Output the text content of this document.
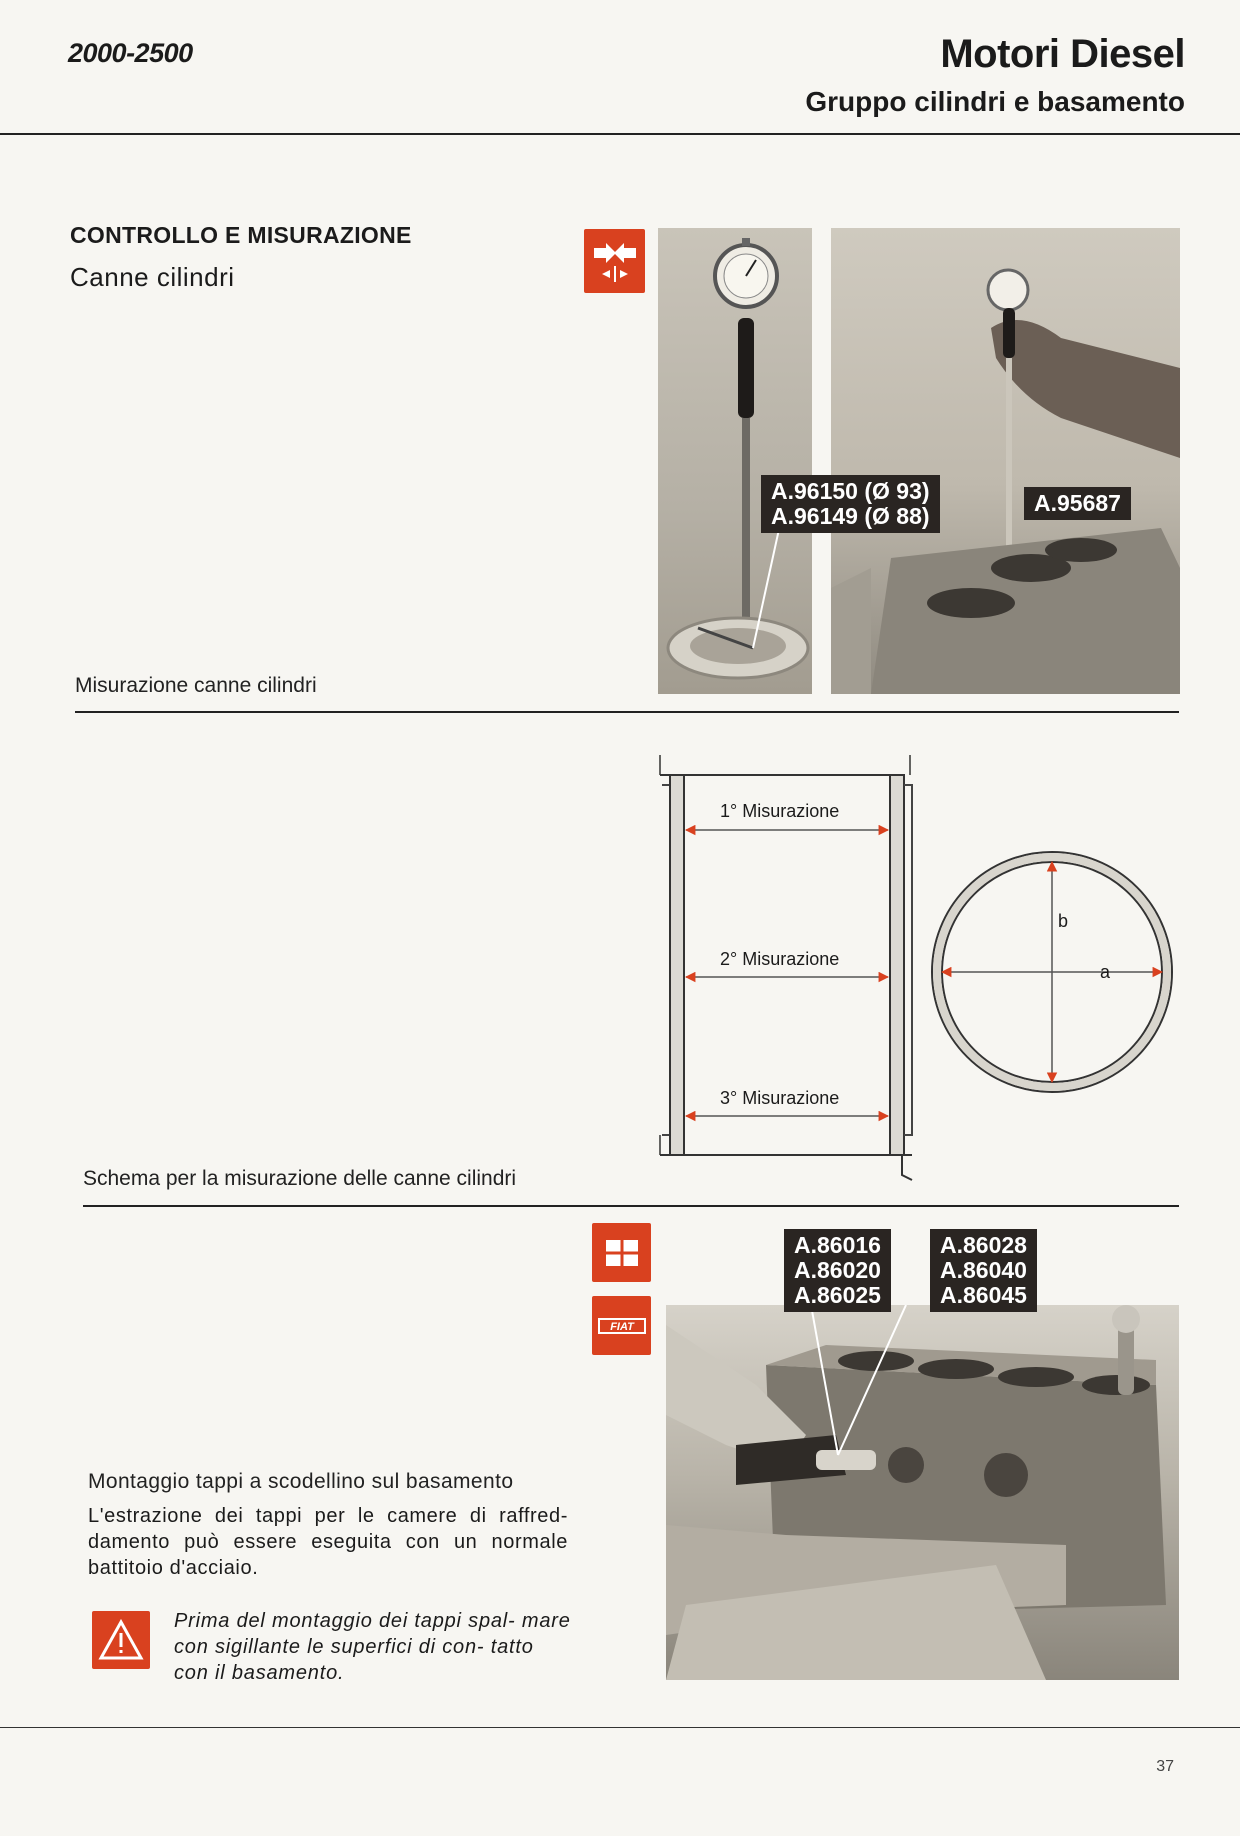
2000-2500	Motori Diesel
Gruppo cilindri e basamento
CONTROLLO E MISURAZIONE
Canne cilindri
A.96150 (Ø 93)
A.96149 (Ø 88)	A.95687
Misurazione canne cilindri
1° Misurazione
2° Misurazione
3° Misurazione
b
a
Schema per la misurazione delle canne cilindri
FIAT
A.86016
A.86020
A.86025
A.86028
A.86040
A.86045
Montaggio tappi a scodellino sul basamento
L'estrazione dei tappi per le camere di raffred- damento può essere eseguita con un normale battitoio d'acciaio.
Prima del montaggio dei tappi spal- mare con sigillante le superfici di con- tatto con il basamento.
37
